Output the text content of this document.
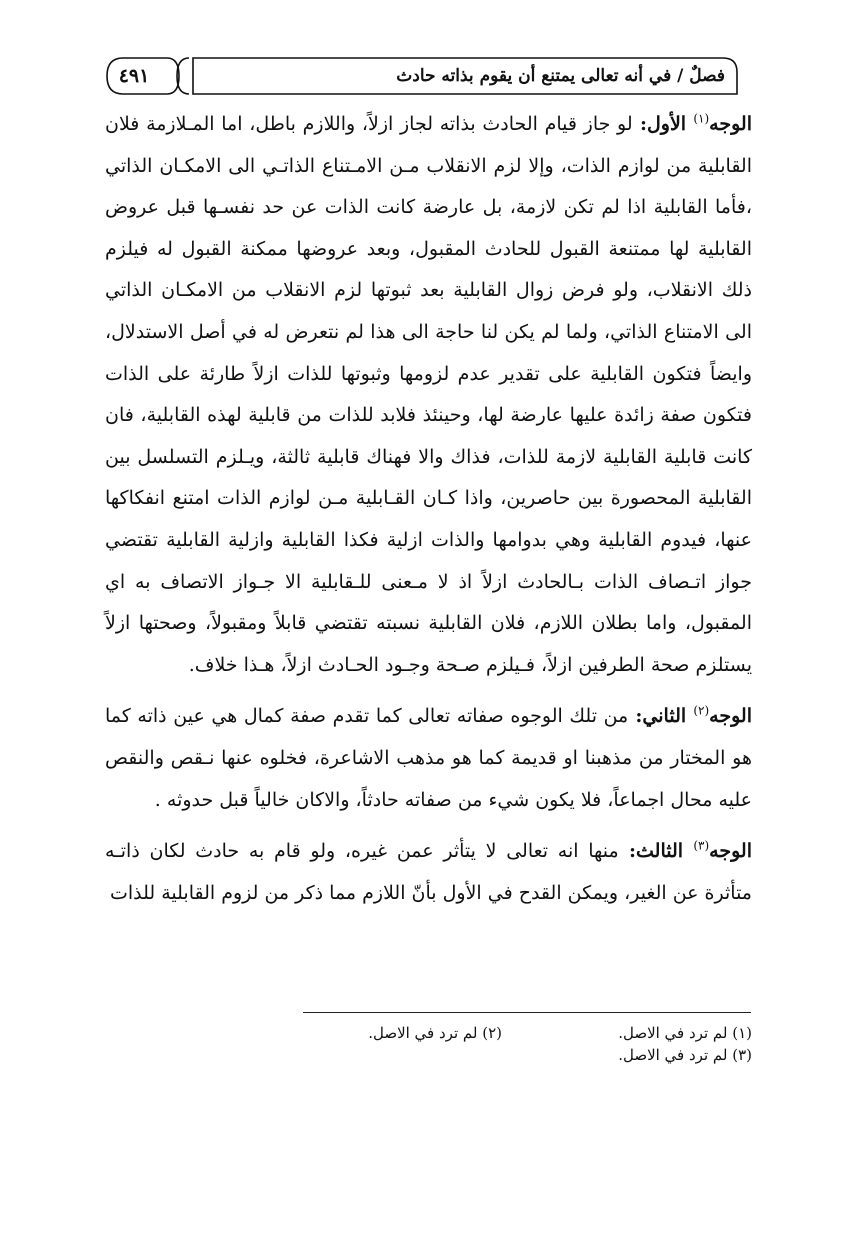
فصلٌ / في أنه تعالى يمتنع أن يقوم بذاته حادث
٤٩١

الوجه$^{(١)}$ الأول: لو جاز قيام الحادث بذاته لجاز ازلاً، واللازم باطل، اما المـلازمة فلان القابلية من لوازم الذات، وإلا لزم الانقلاب مـن الامـتناع الذاتـي الى الامكـان الذاتي ،فأما القابلية اذا لم تكن لازمة، بل عارضة كانت الذات عن حد نفسـها قبل عروض القابلية لها ممتنعة القبول للحادث المقبول، وبعد عروضها ممكنة القبول له فيلزم ذلك الانقلاب، ولو فرض زوال القابلية بعد ثبوتها لزم الانقلاب من الامكـان الذاتي الى الامتناع الذاتي، ولما لم يكن لنا حاجة الى هذا لم نتعرض له في أصل الاستدلال، وايضاً فتكون القابلية على تقدير عدم لزومها وثبوتها للذات ازلاً طارئة على الذات فتكون صفة زائدة عليها عارضة لها، وحينئذ فلابد للذات من قابلية لهذه القابلية، فان كانت قابلية القابلية لازمة للذات، فذاك والا فهناك قابلية ثالثة، ويـلزم التسلسل بين القابلية المحصورة بين حاصرين، واذا كـان القـابلية مـن لوازم الذات امتنع انفكاكها عنها، فيدوم القابلية وهي بدوامها والذات ازلية فكذا القابلية وازلية القابلية تقتضي جواز اتـصاف الذات بـالحادث ازلاً اذ لا مـعنى للـقابلية الا جـواز الاتصاف به اي المقبول، واما بطلان اللازم، فلان القابلية نسبته تقتضي قابلاً ومقبولاً، وصحتها ازلاً يستلزم صحة الطرفين ازلاً، فـيلزم صـحة وجـود الحـادث ازلاً، هـذا خلاف.

الوجه$^{(٢)}$ الثاني: من تلك الوجوه صفاته تعالى كما تقدم صفة كمال هي عين ذاته كما هو المختار من مذهبنا او قديمة كما هو مذهب الاشاعرة، فخلوه عنها نـقص والنقص عليه محال اجماعاً، فلا يكون شيء من صفاته حادثاً، والاكان خالياً قبل حدوثه .

الوجه$^{(٣)}$ الثالث: منها انه تعالى لا يتأثر عمن غيره، ولو قام به حادث لكان ذاتـه متأثرة عن الغير، ويمكن القدح في الأول بأنّ اللازم مما ذكر من لزوم القابلية للذات

(١) لم ترد في الاصل.
(٢) لم ترد في الاصل.
(٣) لم ترد في الاصل.
